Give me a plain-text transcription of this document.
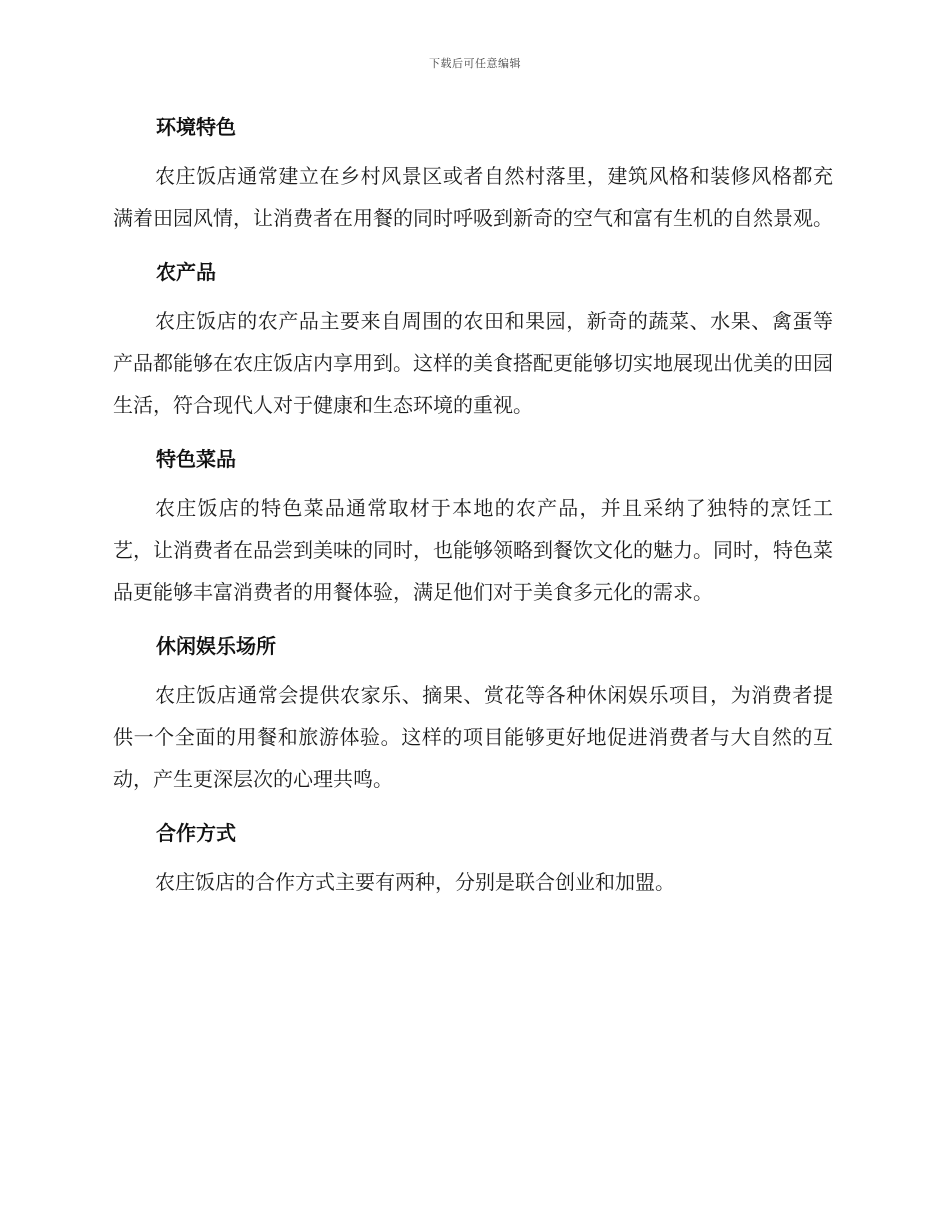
下载后可任意编辑
环境特色

农庄饭店通常建立在乡村风景区或者自然村落里，建筑风格和装修风格都充满着田园风情，让消费者在用餐的同时呼吸到新奇的空气和富有生机的自然景观。

农产品

农庄饭店的农产品主要来自周围的农田和果园，新奇的蔬菜、水果、禽蛋等产品都能够在农庄饭店内享用到。这样的美食搭配更能够切实地展现出优美的田园生活，符合现代人对于健康和生态环境的重视。

特色菜品

农庄饭店的特色菜品通常取材于本地的农产品，并且采纳了独特的烹饪工艺，让消费者在品尝到美味的同时，也能够领略到餐饮文化的魅力。同时，特色菜品更能够丰富消费者的用餐体验，满足他们对于美食多元化的需求。

休闲娱乐场所

农庄饭店通常会提供农家乐、摘果、赏花等各种休闲娱乐项目，为消费者提供一个全面的用餐和旅游体验。这样的项目能够更好地促进消费者与大自然的互动，产生更深层次的心理共鸣。

合作方式

农庄饭店的合作方式主要有两种，分别是联合创业和加盟。
